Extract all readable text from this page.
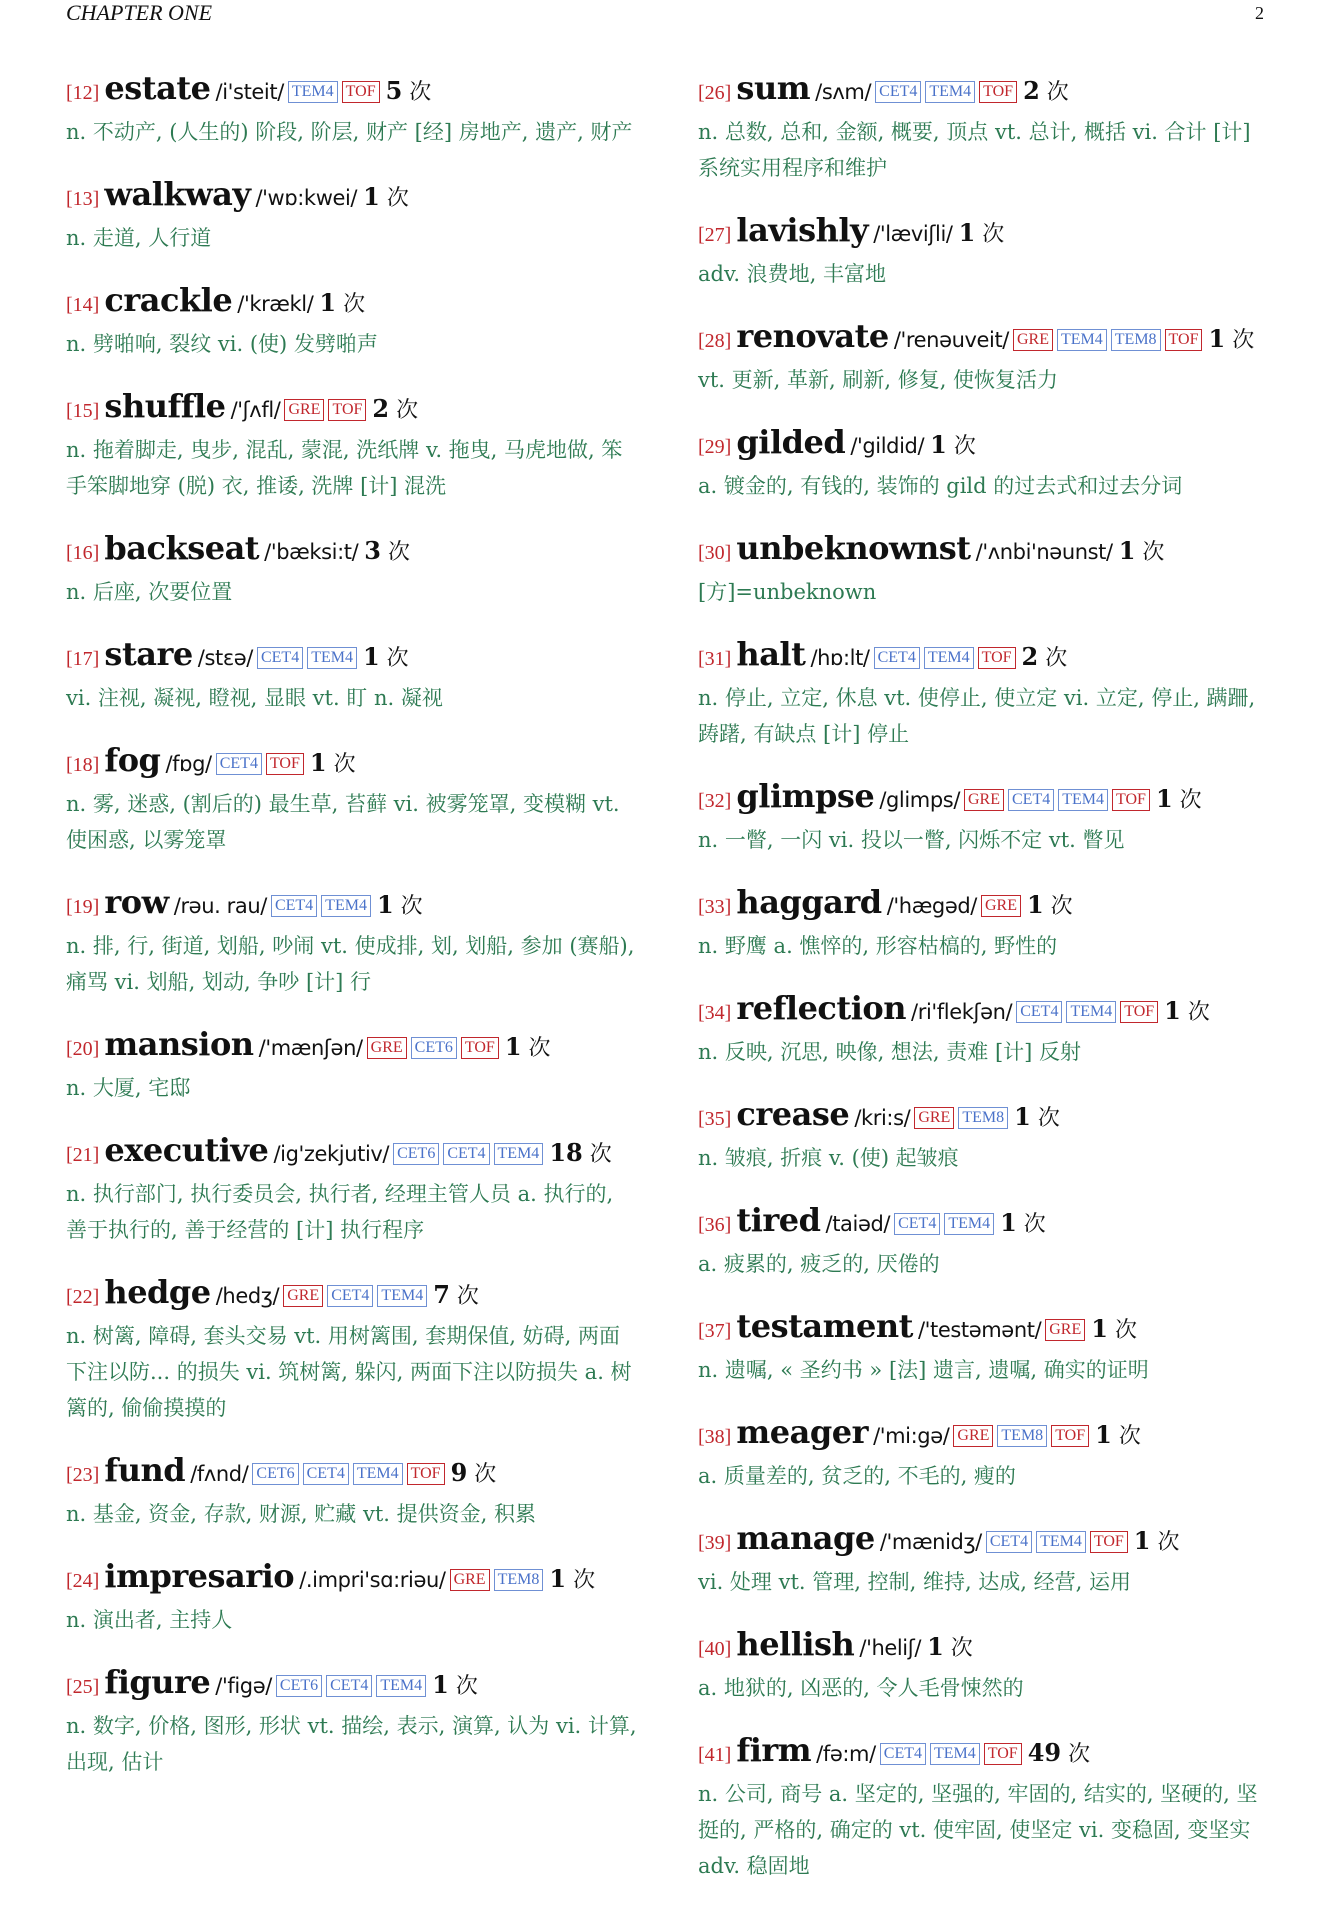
CHAPTER ONE	2
[12] estate /i'steit/ TEM4 TOF 5 次
n. 不动产, (人生的) 阶段, 阶层, 财产 [经] 房地产, 遗产, 财产
[13] walkway /'wɒ:kwei/ 1 次
n. 走道, 人行道
[14] crackle /'krækl/ 1 次
n. 劈啪响, 裂纹 vi. (使) 发劈啪声
[15] shuffle /'ʃʌfl/ GRE TOF 2 次
n. 拖着脚走, 曳步, 混乱, 蒙混, 洗纸牌 v. 拖曳, 马虎地做, 笨手笨脚地穿 (脱) 衣, 推诿, 洗牌 [计] 混洗
[16] backseat /'bæksi:t/ 3 次
n. 后座, 次要位置
[17] stare /stɛə/ CET4 TEM4 1 次
vi. 注视, 凝视, 瞪视, 显眼 vt. 盯 n. 凝视
[18] fog /fɒg/ CET4 TOF 1 次
n. 雾, 迷惑, (割后的) 最生草, 苔藓 vi. 被雾笼罩, 变模糊 vt. 使困惑, 以雾笼罩
[19] row /rəu. rau/ CET4 TEM4 1 次
n. 排, 行, 街道, 划船, 吵闹 vt. 使成排, 划, 划船, 参加 (赛船), 痛骂 vi. 划船, 划动, 争吵 [计] 行
[20] mansion /'mænʃən/ GRE CET6 TOF 1 次
n. 大厦, 宅邸
[21] executive /ig'zekjutiv/ CET6 CET4 TEM4 18 次
n. 执行部门, 执行委员会, 执行者, 经理主管人员 a. 执行的, 善于执行的, 善于经营的 [计] 执行程序
[22] hedge /hedʒ/ GRE CET4 TEM4 7 次
n. 树篱, 障碍, 套头交易 vt. 用树篱围, 套期保值, 妨碍, 两面下注以防... 的损失 vi. 筑树篱, 躲闪, 两面下注以防损失 a. 树篱的, 偷偷摸摸的
[23] fund /fʌnd/ CET6 CET4 TEM4 TOF 9 次
n. 基金, 资金, 存款, 财源, 贮藏 vt. 提供资金, 积累
[24] impresario /.impri'sɑ:riəu/ GRE TEM8 1 次
n. 演出者, 主持人
[25] figure /'figə/ CET6 CET4 TEM4 1 次
n. 数字, 价格, 图形, 形状 vt. 描绘, 表示, 演算, 认为 vi. 计算, 出现, 估计
[26] sum /sʌm/ CET4 TEM4 TOF 2 次
n. 总数, 总和, 金额, 概要, 顶点 vt. 总计, 概括 vi. 合计 [计] 系统实用程序和维护
[27] lavishly /'læviʃli/ 1 次
adv. 浪费地, 丰富地
[28] renovate /'renəuveit/ GRE TEM4 TEM8 TOF 1 次
vt. 更新, 革新, 刷新, 修复, 使恢复活力
[29] gilded /'gildid/ 1 次
a. 镀金的, 有钱的, 装饰的 gild 的过去式和过去分词
[30] unbeknownst /'ʌnbi'nəunst/ 1 次
[方]=unbeknown
[31] halt /hɒ:lt/ CET4 TEM4 TOF 2 次
n. 停止, 立定, 休息 vt. 使停止, 使立定 vi. 立定, 停止, 蹒跚, 踌躇, 有缺点 [计] 停止
[32] glimpse /glimps/ GRE CET4 TEM4 TOF 1 次
n. 一瞥, 一闪 vi. 投以一瞥, 闪烁不定 vt. 瞥见
[33] haggard /'hægəd/ GRE 1 次
n. 野鹰 a. 憔悴的, 形容枯槁的, 野性的
[34] reflection /ri'flekʃən/ CET4 TEM4 TOF 1 次
n. 反映, 沉思, 映像, 想法, 责难 [计] 反射
[35] crease /kri:s/ GRE TEM8 1 次
n. 皱痕, 折痕 v. (使) 起皱痕
[36] tired /taiəd/ CET4 TEM4 1 次
a. 疲累的, 疲乏的, 厌倦的
[37] testament /'testəmənt/ GRE 1 次
n. 遗嘱, « 圣约书 » [法] 遗言, 遗嘱, 确实的证明
[38] meager /'mi:gə/ GRE TEM8 TOF 1 次
a. 质量差的, 贫乏的, 不毛的, 瘦的
[39] manage /'mænidʒ/ CET4 TEM4 TOF 1 次
vi. 处理 vt. 管理, 控制, 维持, 达成, 经营, 运用
[40] hellish /'heliʃ/ 1 次
a. 地狱的, 凶恶的, 令人毛骨悚然的
[41] firm /fə:m/ CET4 TEM4 TOF 49 次
n. 公司, 商号 a. 坚定的, 坚强的, 牢固的, 结实的, 坚硬的, 坚挺的, 严格的, 确定的 vt. 使牢固, 使坚定 vi. 变稳固, 变坚实 adv. 稳固地
